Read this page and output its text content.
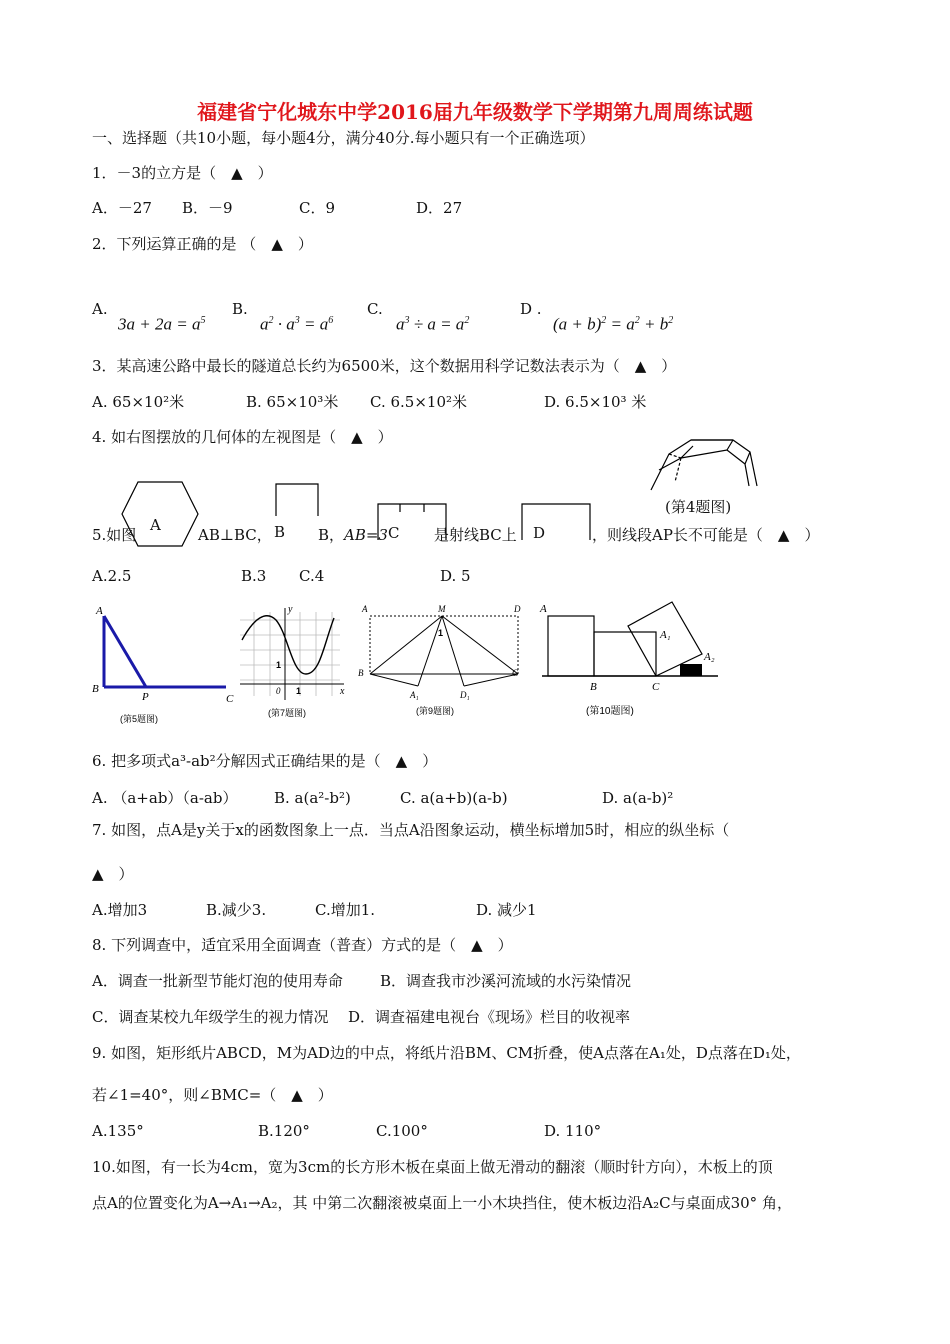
福建省宁化城东中学2016届九年级数学下学期第九周周练试题
一、选择题（共10小题，每小题4分，满分40分.每小题只有一个正确选项）
1．－3的立方是（　▲　）
A．－27 B．－9	C．9	D．27
2．下列运算正确的是 （　▲　）
A.
$3a + 2a = a^5$
B.
$a^2 \cdot a^3 = a^6$
C.
$a^3 \div a = a^2$
D .
$(a + b)^2 = a^2 + b^2$
3．某高速公路中最长的隧道总长约为6500米，这个数据用科学记数法表示为（　▲　）
A. 65×10²米	B. 65×10³米 C. 6.5×10²米	D. 6.5×10³ 米
4. 如右图摆放的几何体的左视图是（　▲　）
(第4题图)
A	B	C	D
5.如图	AB⊥BC，	B， AB=3	是射线BC上	，则线段AP长不可能是（　▲　）
A.2.5	B.3 C.4	D. 5
A
B
P	C
(第5题图)
y
x
1
0 1
(第7题图)
A	M	D
1
B	C
A₁	D₁
(第9题图)
A
A₁
A₂
B	C
(第10题图)
6. 把多项式a³-ab²分解因式正确结果的是（　▲　）
A. （a+ab）（a-ab） B. a(a²-b²)	C. a(a+b)(a-b)	D. a(a-b)²
7. 如图，点A是y关于x的函数图象上一点．当点A沿图象运动，横坐标增加5时，相应的纵坐标（
▲　）
A.增加3	B.减少3.	C.增加1.	D. 减少1
8. 下列调查中，适宜采用全面调查（普查）方式的是（　▲　）
A．调查一批新型节能灯泡的使用寿命 B．调查我市沙溪河流域的水污染情况
C．调查某校九年级学生的视力情况 D．调查福建电视台《现场》栏目的收视率
9. 如图，矩形纸片ABCD，M为AD边的中点，将纸片沿BM、CM折叠，使A点落在A₁处，D点落在D₁处，
若∠1=40°，则∠BMC=（　▲　）
A.135°	B.120°	C.100°	D. 110°
10.如图，有一长为4cm，宽为3cm的长方形木板在桌面上做无滑动的翻滚（顺时针方向），木板上的顶
点A的位置变化为A→A₁→A₂，其 中第二次翻滚被桌面上一小木块挡住，使木板边沿A₂C与桌面成30° 角，
